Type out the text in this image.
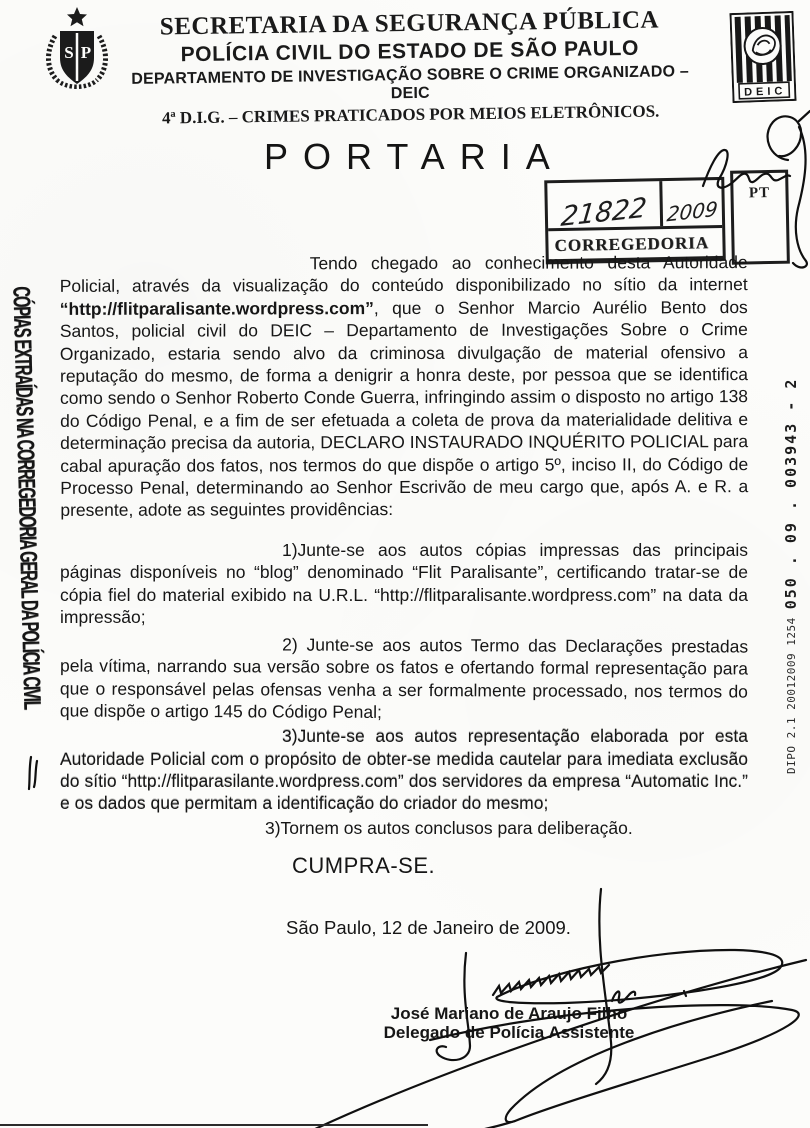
S P
DEIC
SECRETARIA DA SEGURANÇA PÚBLICA
POLÍCIA CIVIL DO ESTADO DE SÃO PAULO
DEPARTAMENTO DE INVESTIGAÇÃO SOBRE O CRIME ORGANIZADO – DEIC
4ª D.I.G. – CRIMES PRATICADOS POR MEIOS ELETRÔNICOS.
PORTARIA
21822 2009
CORREGEDORIA
PT

Tendo chegado ao conhecimento desta Autoridade Policial, através da visualização do conteúdo disponibilizado no sítio da internet “http://flitparalisante.wordpress.com”, que o Senhor Marcio Aurélio Bento dos Santos, policial civil do DEIC – Departamento de Investigações Sobre o Crime Organizado, estaria sendo alvo da criminosa divulgação de material ofensivo a reputação do mesmo, de forma a denigrir a honra deste, por pessoa que se identifica como sendo o Senhor Roberto Conde Guerra, infringindo assim o disposto no artigo 138 do Código Penal, e a fim de ser efetuada a coleta de prova da materialidade delitiva e determinação precisa da autoria, DECLARO INSTAURADO INQUÉRITO POLICIAL para cabal apuração dos fatos, nos termos do que dispõe o artigo 5º, inciso II, do Código de Processo Penal, determinando ao Senhor Escrivão de meu cargo que, após A. e R. a presente, adote as seguintes providências:

1)Junte-se aos autos cópias impressas das principais páginas disponíveis no “blog” denominado “Flit Paralisante”, certificando tratar-se de cópia fiel do material exibido na U.R.L. “http://flitparalisante.wordpress.com” na data da impressão;

2) Junte-se aos autos Termo das Declarações prestadas pela vítima, narrando sua versão sobre os fatos e ofertando formal representação para que o responsável pelas ofensas venha a ser formalmente processado, nos termos do que dispõe o artigo 145 do Código Penal;

3)Junte-se aos autos representação elaborada por esta Autoridade Policial com o propósito de obter-se medida cautelar para imediata exclusão do sítio “http://flitparasilante.wordpress.com” dos servidores da empresa “Automatic Inc.” e os dados que permitam a identificação do criador do mesmo;

3)Tornem os autos conclusos para deliberação.

CUMPRA-SE.
São Paulo, 12 de Janeiro de 2009.
José Mariano de Araujo Filho
Delegado de Polícia Assistente
CÓPIAS EXTRAÍDAS NA CORREGEDORIA GERAL DA POLÍCIA CIVIL	DIPO 2.1 20012009 1254
050 . 09 . 003943 - 2
